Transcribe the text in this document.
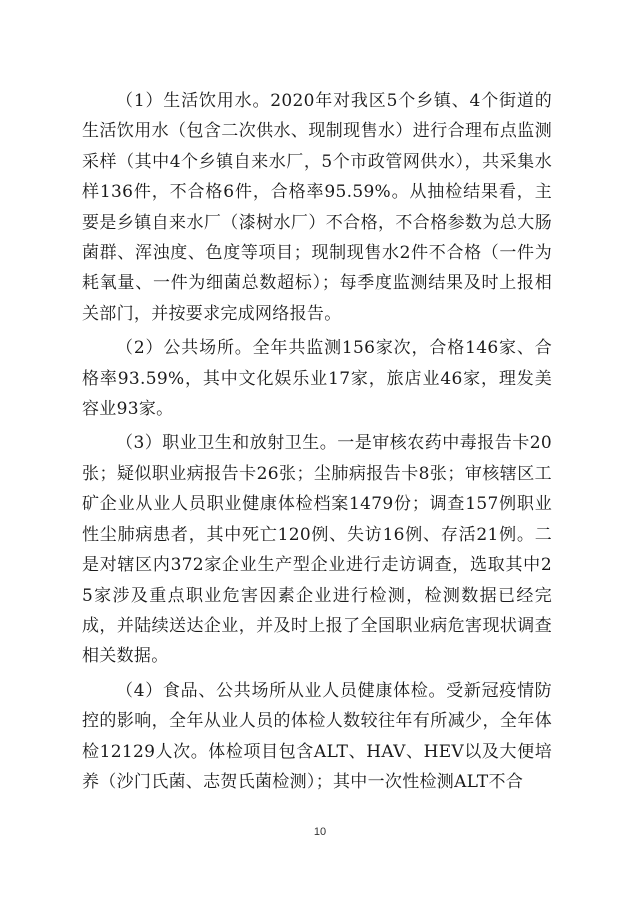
（1）生活饮用水。2020年对我区5个乡镇、4个街道的生活饮用水（包含二次供水、现制现售水）进行合理布点监测采样（其中4个乡镇自来水厂，5个市政管网供水），共采集水样136件，不合格6件，合格率95.59%。从抽检结果看，主要是乡镇自来水厂（漆树水厂）不合格，不合格参数为总大肠菌群、浑浊度、色度等项目；现制现售水2件不合格（一件为耗氧量、一件为细菌总数超标）；每季度监测结果及时上报相关部门，并按要求完成网络报告。

（2）公共场所。全年共监测156家次，合格146家、合格率93.59%，其中文化娱乐业17家，旅店业46家，理发美容业93家。

（3）职业卫生和放射卫生。一是审核农药中毒报告卡20张；疑似职业病报告卡26张；尘肺病报告卡8张；审核辖区工矿企业从业人员职业健康体检档案1479份；调查157例职业性尘肺病患者，其中死亡120例、失访16例、存活21例。二是对辖区内372家企业生产型企业进行走访调查，选取其中25家涉及重点职业危害因素企业进行检测，检测数据已经完成，并陆续送达企业，并及时上报了全国职业病危害现状调查相关数据。

（4）食品、公共场所从业人员健康体检。受新冠疫情防控的影响，全年从业人员的体检人数较往年有所减少，全年体检12129人次。体检项目包含ALT、HAV、HEV以及大便培养（沙门氏菌、志贺氏菌检测）；其中一次性检测ALT不合

10
